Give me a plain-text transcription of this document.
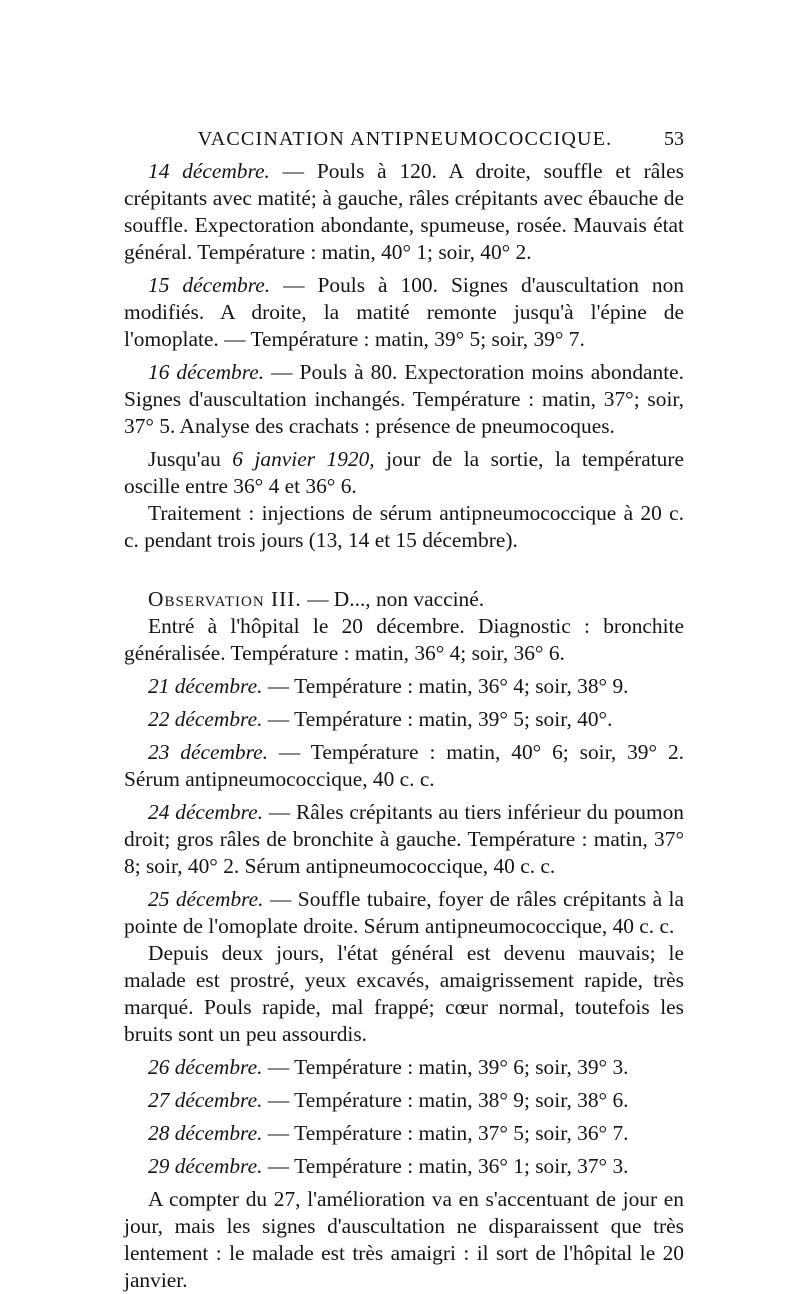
VACCINATION ANTIPNEUMOCOCCIQUE.	53

14 décembre. — Pouls à 120. A droite, souffle et râles crépitants avec matité; à gauche, râles crépitants avec ébauche de souffle. Expectoration abondante, spumeuse, rosée. Mauvais état général. Température : matin, 40° 1; soir, 40° 2.

15 décembre. — Pouls à 100. Signes d'auscultation non modifiés. A droite, la matité remonte jusqu'à l'épine de l'omoplate. — Température : matin, 39° 5; soir, 39° 7.

16 décembre. — Pouls à 80. Expectoration moins abondante. Signes d'auscultation inchangés. Température : matin, 37°; soir, 37° 5. Analyse des crachats : présence de pneumocoques.

Jusqu'au 6 janvier 1920, jour de la sortie, la température oscille entre 36° 4 et 36° 6.

Traitement : injections de sérum antipneumococcique à 20 c. c. pendant trois jours (13, 14 et 15 décembre).

Observation III. — D..., non vacciné.

Entré à l'hôpital le 20 décembre. Diagnostic : bronchite généralisée. Température : matin, 36° 4; soir, 36° 6.

21 décembre. — Température : matin, 36° 4; soir, 38° 9.

22 décembre. — Température : matin, 39° 5; soir, 40°.

23 décembre. — Température : matin, 40° 6; soir, 39° 2. Sérum antipneumococcique, 40 c. c.

24 décembre. — Râles crépitants au tiers inférieur du poumon droit; gros râles de bronchite à gauche. Température : matin, 37° 8; soir, 40° 2. Sérum antipneumococcique, 40 c. c.

25 décembre. — Souffle tubaire, foyer de râles crépitants à la pointe de l'omoplate droite. Sérum antipneumococcique, 40 c. c.

Depuis deux jours, l'état général est devenu mauvais; le malade est prostré, yeux excavés, amaigrissement rapide, très marqué. Pouls rapide, mal frappé; cœur normal, toutefois les bruits sont un peu assourdis.

26 décembre. — Température : matin, 39° 6; soir, 39° 3.

27 décembre. — Température : matin, 38° 9; soir, 38° 6.

28 décembre. — Température : matin, 37° 5; soir, 36° 7.

29 décembre. — Température : matin, 36° 1; soir, 37° 3.

A compter du 27, l'amélioration va en s'accentuant de jour en jour, mais les signes d'auscultation ne disparaissent que très lentement : le malade est très amaigri : il sort de l'hôpital le 20 janvier.
